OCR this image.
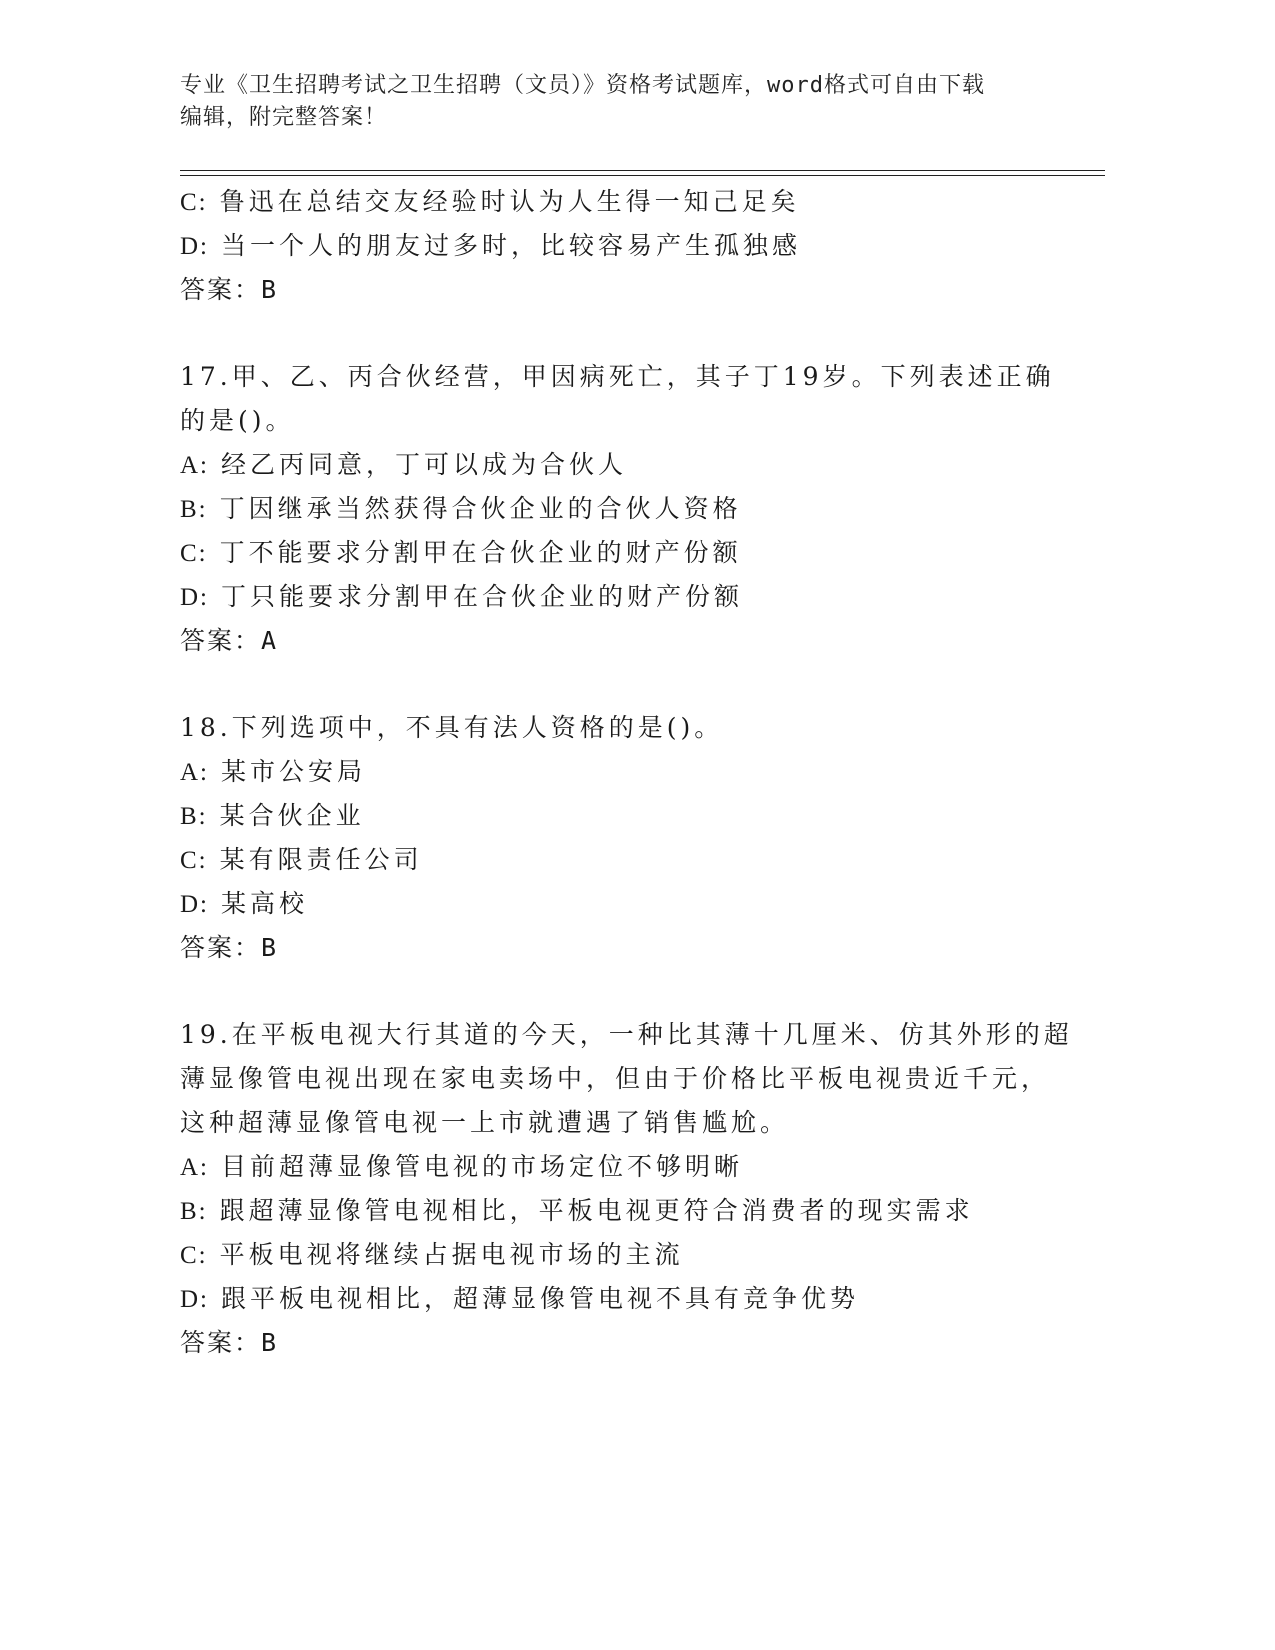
专业《卫生招聘考试之卫生招聘（文员）》资格考试题库，word格式可自由下载
编辑，附完整答案！
C: 鲁迅在总结交友经验时认为人生得一知己足矣
D: 当一个人的朋友过多时，比较容易产生孤独感
答案：B
17.甲、乙、丙合伙经营，甲因病死亡，其子丁19岁。下列表述正确
的是()。
A: 经乙丙同意，丁可以成为合伙人
B: 丁因继承当然获得合伙企业的合伙人资格
C: 丁不能要求分割甲在合伙企业的财产份额
D: 丁只能要求分割甲在合伙企业的财产份额
答案：A
18.下列选项中，不具有法人资格的是()。
A: 某市公安局
B: 某合伙企业
C: 某有限责任公司
D: 某高校
答案：B
19.在平板电视大行其道的今天，一种比其薄十几厘米、仿其外形的超
薄显像管电视出现在家电卖场中，但由于价格比平板电视贵近千元，
这种超薄显像管电视一上市就遭遇了销售尴尬。
A: 目前超薄显像管电视的市场定位不够明晰
B: 跟超薄显像管电视相比，平板电视更符合消费者的现实需求
C: 平板电视将继续占据电视市场的主流
D: 跟平板电视相比，超薄显像管电视不具有竞争优势
答案：B
